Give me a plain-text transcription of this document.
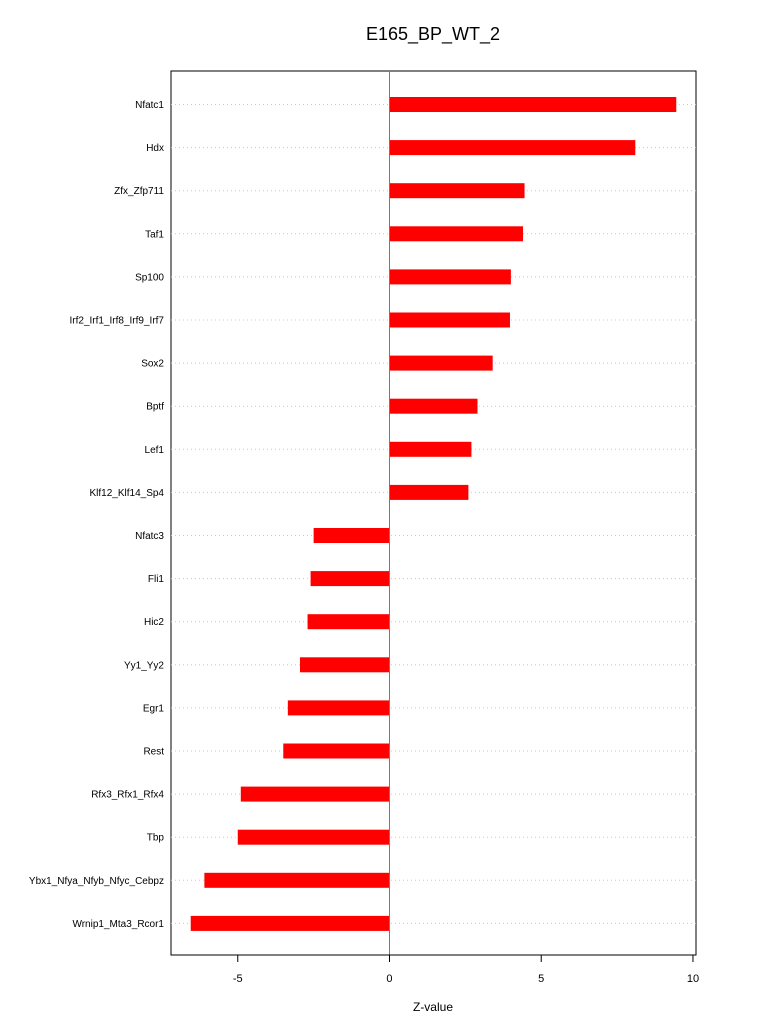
E165_BP_WT_2
Nfatc1
Hdx
Zfx_Zfp711
Taf1
Sp100
Irf2_Irf1_Irf8_Irf9_Irf7
Sox2
Bptf
Lef1
Klf12_Klf14_Sp4
Nfatc3
Fli1
Hic2
Yy1_Yy2
Egr1
Rest
Rfx3_Rfx1_Rfx4
Tbp
Ybx1_Nfya_Nfyb_Nfyc_Cebpz
Wrnip1_Mta3_Rcor1
-5	0	5	10
Z-value
